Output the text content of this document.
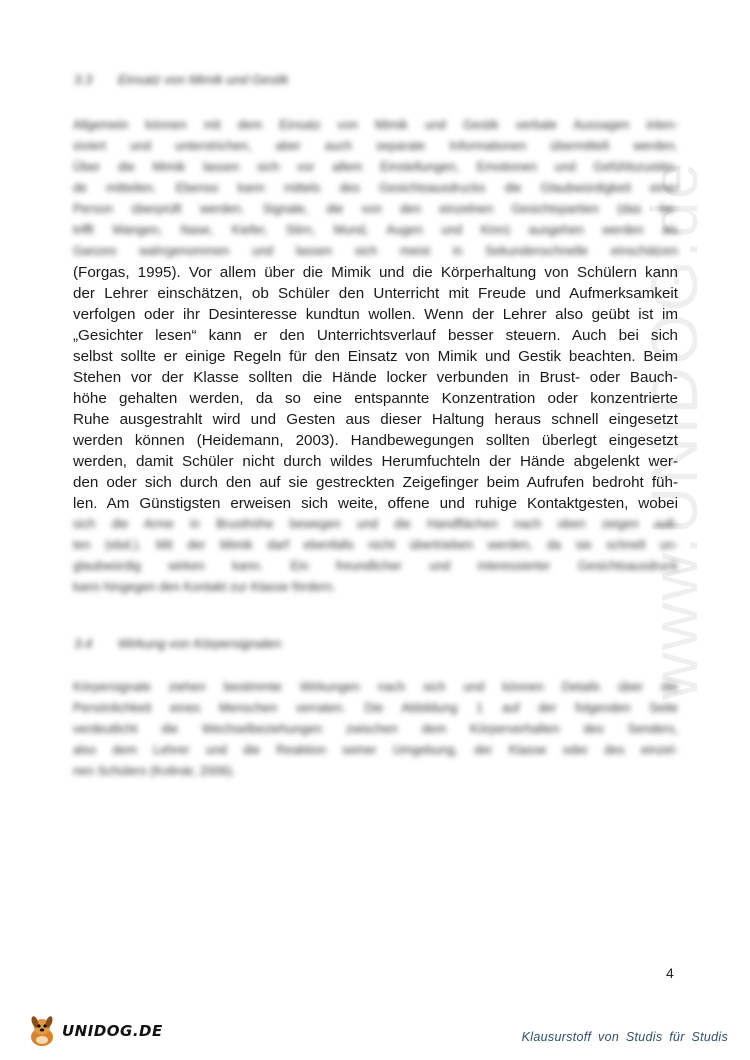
www.UNIDOG.de
3.3 Einsatz von Mimik und Gestik
Allgemein können mit dem Einsatz von Mimik und Gestik verbale Aussagen inten-
siviert und unterstrichen, aber auch separate Informationen übermittelt werden.
Über die Mimik lassen sich vor allem Einstellungen, Emotionen und Gefühlszustän-
de mitteilen. Ebenso kann mittels des Gesichtsausdrucks die Glaubwürdigkeit einer
Person überprüft werden. Signale, die von den einzelnen Gesichtspartien (das be-
trifft Wangen, Nase, Kiefer, Stirn, Mund, Augen und Kinn) ausgehen werden als
Ganzes wahrgenommen und lassen sich meist in Sekundenschnelle einschätzen
(Forgas, 1995). Vor allem über die Mimik und die Körperhaltung von Schülern kann
der Lehrer einschätzen, ob Schüler den Unterricht mit Freude und Aufmerksamkeit
verfolgen oder ihr Desinteresse kundtun wollen. Wenn der Lehrer also geübt ist im
„Gesichter lesen“ kann er den Unterrichtsverlauf besser steuern. Auch bei sich
selbst sollte er einige Regeln für den Einsatz von Mimik und Gestik beachten. Beim
Stehen vor der Klasse sollten die Hände locker verbunden in Brust- oder Bauch-
höhe gehalten werden, da so eine entspannte Konzentration oder konzentrierte
Ruhe ausgestrahlt wird und Gesten aus dieser Haltung heraus schnell eingesetzt
werden können (Heidemann, 2003). Handbewegungen sollten überlegt eingesetzt
werden, damit Schüler nicht durch wildes Herumfuchteln der Hände abgelenkt wer-
den oder sich durch den auf sie gestreckten Zeigefinger beim Aufrufen bedroht füh-
len. Am Günstigsten erweisen sich weite, offene und ruhige Kontaktgesten, wobei
sich die Arme in Brusthöhe bewegen und die Handflächen nach oben zeigen soll-
ten (ebd.). Mit der Mimik darf ebenfalls nicht übertrieben werden, da sie schnell un-
glaubwürdig wirken kann. Ein freundlicher und interessierter Gesichtsausdruck
kann hingegen den Kontakt zur Klasse fördern.
3.4 Wirkung von Körpersignalen
Körpersignale ziehen bestimmte Wirkungen nach sich und können Details über die
Persönlichkeit eines Menschen verraten. Die Abbildung 1 auf der folgenden Seite
verdeutlicht die Wechselbeziehungen zwischen dem Körperverhalten des Senders,
also dem Lehrer und die Reaktion seiner Umgebung, der Klasse oder des einzel-
nen Schülers (Kolinár, 2006).
4
UNIDOG.DE	Klausurstoff von Studis für Studis
